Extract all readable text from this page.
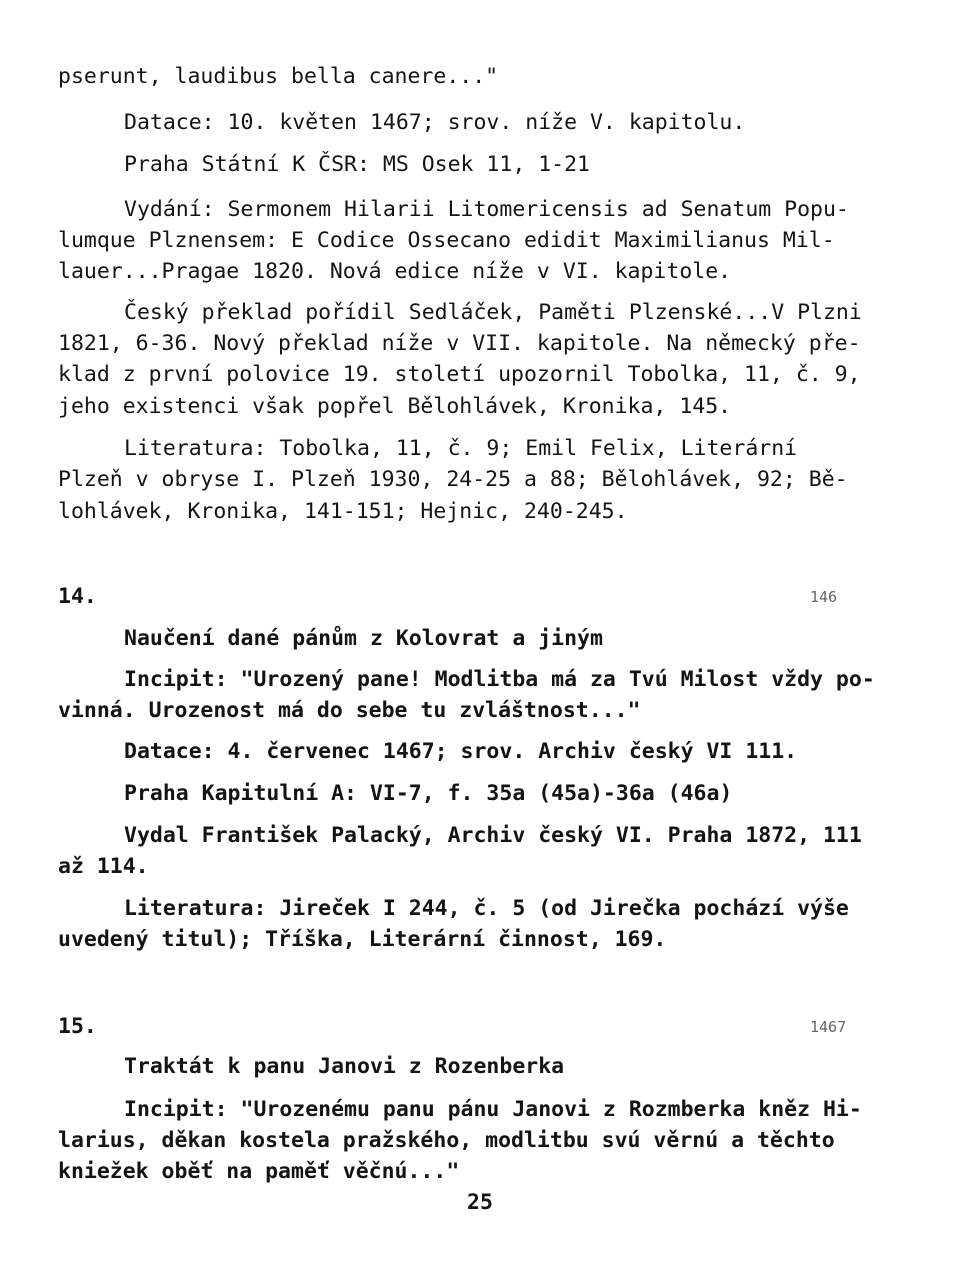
pserunt, laudibus bella canere..."
Datace: 10. květen 1467; srov. níže V. kapitolu.
Praha Státní K ČSR: MS Osek 11, 1-21
Vydání: Sermonem Hilarii Litomericensis ad Senatum Popu-
lumque Plznensem: E Codice Ossecano edidit Maximilianus Mil-
lauer...Pragae 1820. Nová edice níže v VI. kapitole.
Český překlad pořídil Sedláček, Paměti Plzenské...V Plzni
1821, 6-36. Nový překlad níže v VII. kapitole. Na německý pře-
klad z první polovice 19. století upozornil Tobolka, 11, č. 9,
jeho existenci však popřel Bělohlávek, Kronika, 145.
Literatura: Tobolka, 11, č. 9; Emil Felix, Literární
Plzeň v obryse I. Plzeň 1930, 24-25 a 88; Bělohlávek, 92; Bě-
lohlávek, Kronika, 141-151; Hejnic, 240-245.
14.	146
Naučení dané pánům z Kolovrat a jiným
Incipit: "Urozený pane! Modlitba má za Tvú Milost vždy po-
vinná. Urozenost má do sebe tu zvláštnost..."
Datace: 4. červenec 1467; srov. Archiv český VI 111.
Praha Kapitulní A: VI-7, f. 35a (45a)-36a (46a)
Vydal František Palacký, Archiv český VI. Praha 1872, 111
až 114.
Literatura: Jireček I 244, č. 5 (od Jirečka pochází výše
uvedený titul); Tříška, Literární činnost, 169.
15.	1467
Traktát k panu Janovi z Rozenberka
Incipit: "Urozenému panu pánu Janovi z Rozmberka kněz Hi-
larius, děkan kostela pražského, modlitbu svú věrnú a těchto
kniežek oběť na paměť věčnú..."
25
